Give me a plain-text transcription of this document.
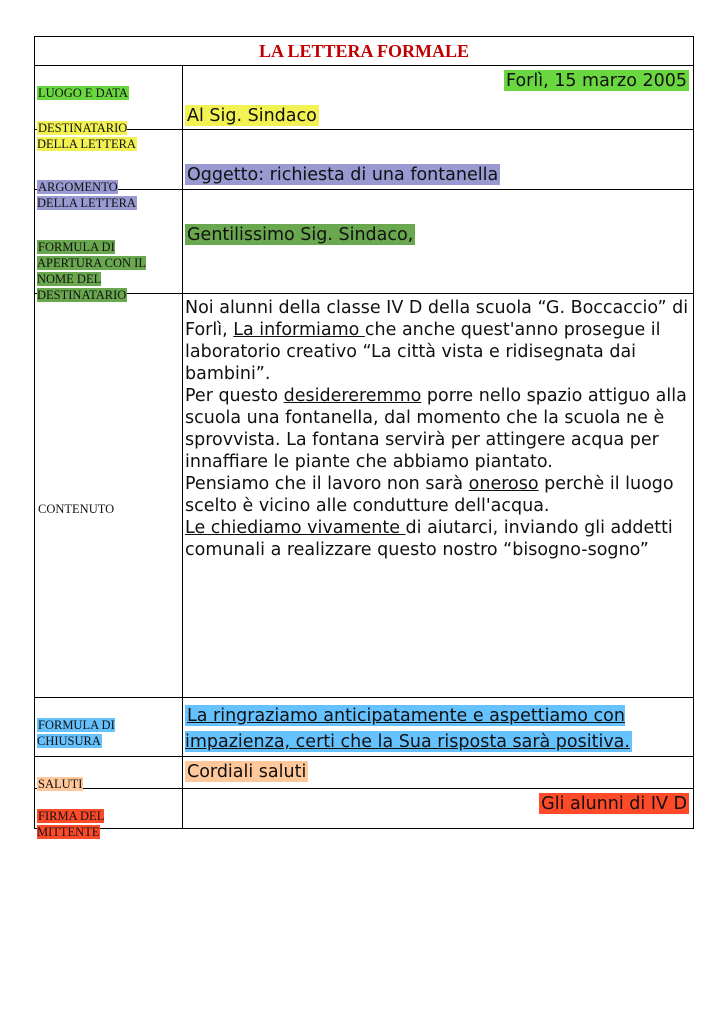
LA LETTERA FORMALE

LUOGO E DATA

Forlì, 15 marzo 2005

DESTINATARIO
DELLA LETTERA

Al Sig. Sindaco

ARGOMENTO
DELLA LETTERA

Oggetto: richiesta di una fontanella

FORMULA DI
APERTURA CON IL
NOME DEL
DESTINATARIO

Gentilissimo Sig. Sindaco,

CONTENUTO

Noi alunni della classe IV D della scuola “G. Boccaccio” di Forlì, La informiamo che anche quest'anno prosegue il laboratorio creativo “La città vista e ridisegnata dai bambini”.
Per questo desidereremmo porre nello spazio attiguo alla scuola una fontanella, dal momento che la scuola ne è sprovvista. La fontana servirà per attingere acqua per innaffiare le piante che abbiamo piantato.
Pensiamo che il lavoro non sarà oneroso perchè il luogo scelto è vicino alle condutture dell'acqua.
Le chiediamo vivamente di aiutarci, inviando gli addetti comunali a realizzare questo nostro “bisogno-sogno”

FORMULA DI
CHIUSURA

La ringraziamo anticipatamente e aspettiamo con impazienza, certi che la Sua risposta sarà positiva.

SALUTI

Cordiali saluti

FIRMA DEL
MITTENTE

Gli alunni di IV D
